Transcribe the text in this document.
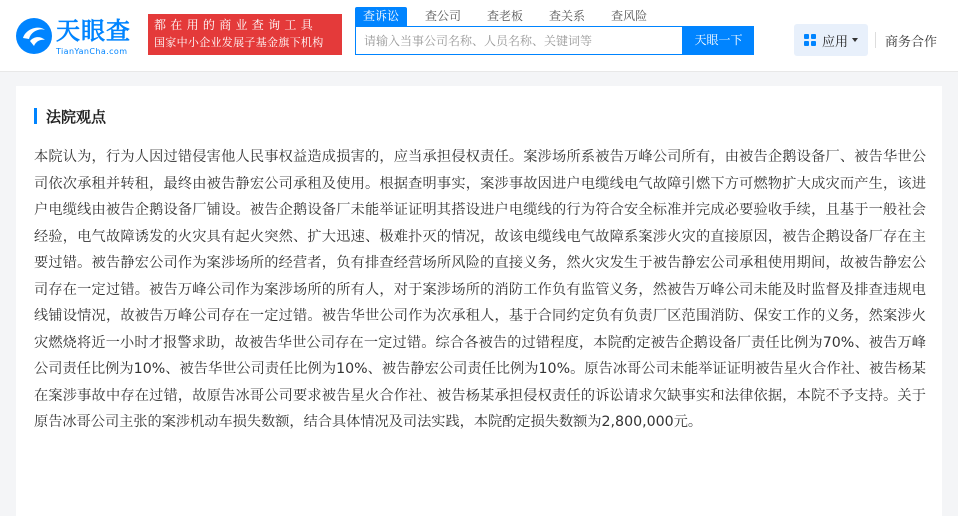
天眼查
TianYanCha.com
都在用的商业查询工具
国家中小企业发展子基金旗下机构
查诉讼	查公司	查老板	查关系	查风险
请输入当事公司名称、人员名称、关键词等
天眼一下	应用	商务合作
法院观点
本院认为，行为人因过错侵害他人民事权益造成损害的，应当承担侵权责任。案涉场所系被告万峰公司所有，由被告企鹅设备厂、被告华世公司依次承租并转租，最终由被告静宏公司承租及使用。根据查明事实，案涉事故因进户电缆线电气故障引燃下方可燃物扩大成灾而产生，该进户电缆线由被告企鹅设备厂铺设。被告企鹅设备厂未能举证证明其搭设进户电缆线的行为符合安全标准并完成必要验收手续，且基于一般社会经验，电气故障诱发的火灾具有起火突然、扩大迅速、极难扑灭的情况，故该电缆线电气故障系案涉火灾的直接原因，被告企鹅设备厂存在主要过错。被告静宏公司作为案涉场所的经营者，负有排查经营场所风险的直接义务，然火灾发生于被告静宏公司承租使用期间，故被告静宏公司存在一定过错。被告万峰公司作为案涉场所的所有人，对于案涉场所的消防工作负有监管义务，然被告万峰公司未能及时监督及排查违规电线铺设情况，故被告万峰公司存在一定过错。被告华世公司作为次承租人，基于合同约定负有负责厂区范围消防、保安工作的义务，然案涉火灾燃烧将近一小时才报警求助，故被告华世公司存在一定过错。综合各被告的过错程度，本院酌定被告企鹅设备厂责任比例为70%、被告万峰公司责任比例为10%、被告华世公司责任比例为10%、被告静宏公司责任比例为10%。原告冰哥公司未能举证证明被告星火合作社、被告杨某在案涉事故中存在过错，故原告冰哥公司要求被告星火合作社、被告杨某承担侵权责任的诉讼请求欠缺事实和法律依据，本院不予支持。关于原告冰哥公司主张的案涉机动车损失数额，结合具体情况及司法实践，本院酌定损失数额为2,800,000元。
